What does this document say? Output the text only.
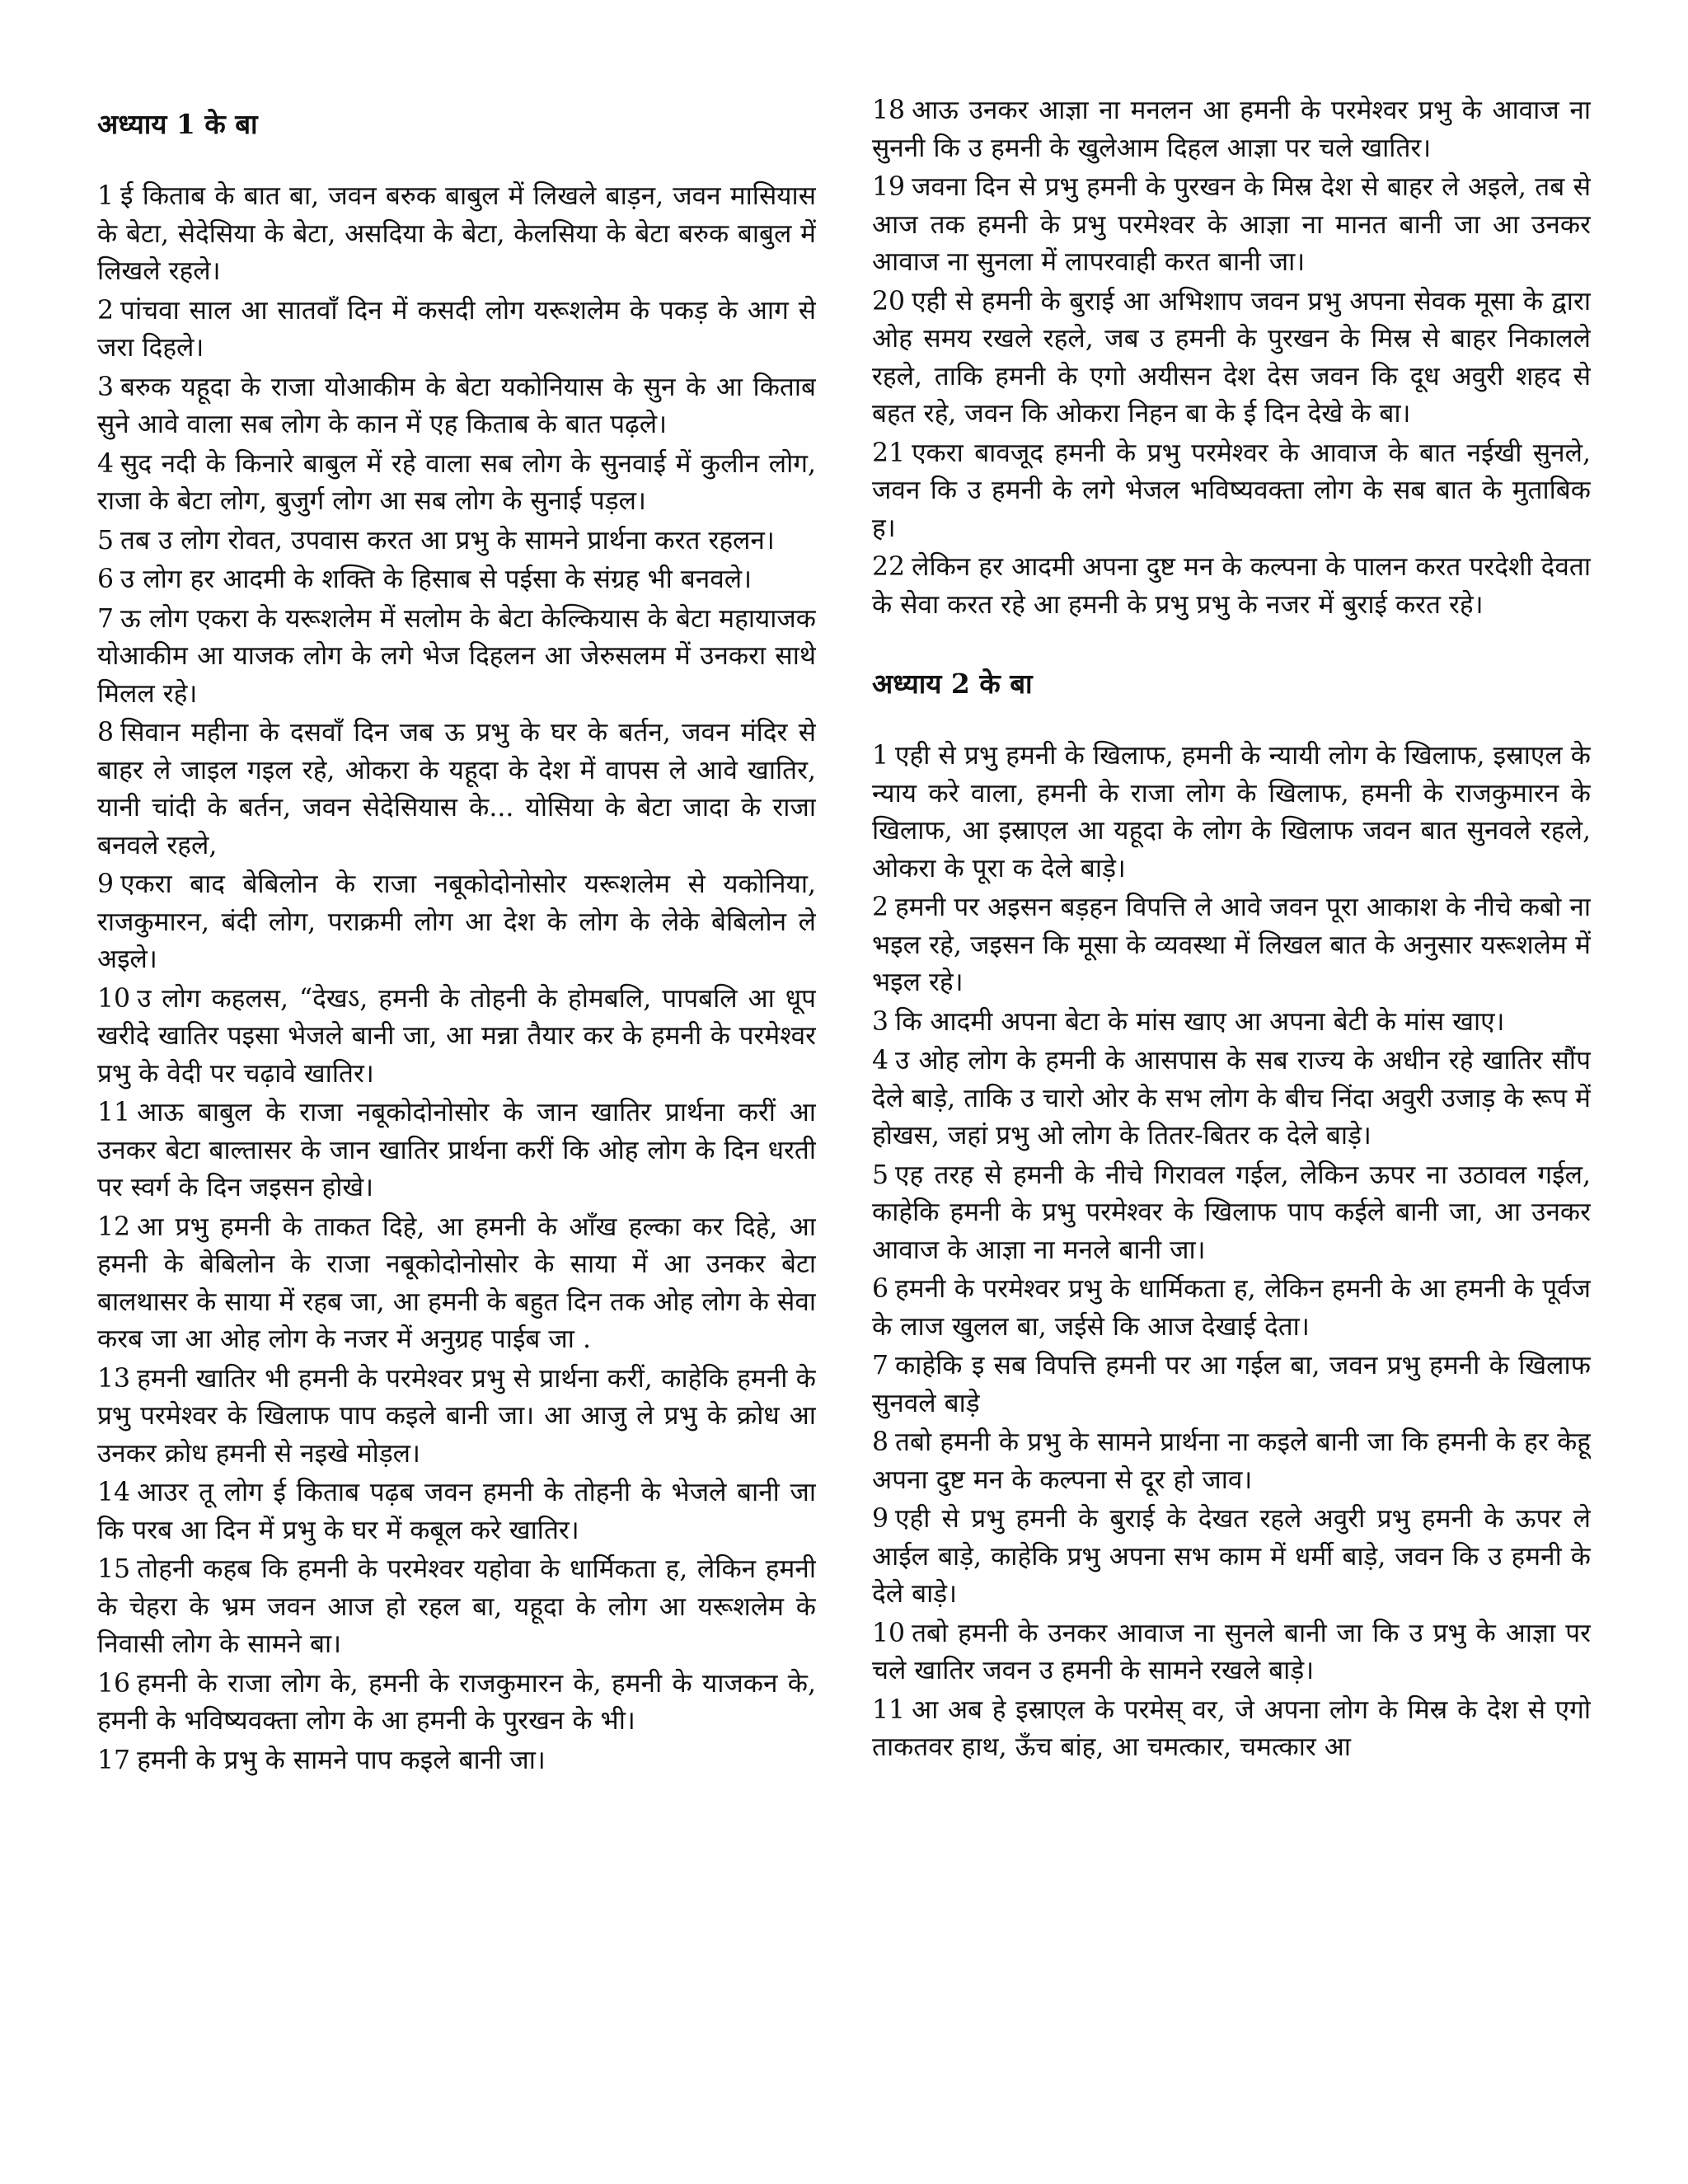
अध्याय 1 के बा

1 ई किताब के बात बा, जवन बरुक बाबुल में लिखले बाड़न, जवन मासियास के बेटा, सेदेसिया के बेटा, असदिया के बेटा, केलसिया के बेटा बरुक बाबुल में लिखले रहले।

2 पांचवा साल आ सातवाँ दिन में कसदी लोग यरूशलेम के पकड़ के आग से जरा दिहले।

3 बरुक यहूदा के राजा योआकीम के बेटा यकोनियास के सुन के आ किताब सुने आवे वाला सब लोग के कान में एह किताब के बात पढ़ले।

4 सुद नदी के किनारे बाबुल में रहे वाला सब लोग के सुनवाई में कुलीन लोग, राजा के बेटा लोग, बुजुर्ग लोग आ सब लोग के सुनाई पड़ल।

5 तब उ लोग रोवत, उपवास करत आ प्रभु के सामने प्रार्थना करत रहलन।

6 उ लोग हर आदमी के शक्ति के हिसाब से पईसा के संग्रह भी बनवले।

7 ऊ लोग एकरा के यरूशलेम में सलोम के बेटा केल्कियास के बेटा महायाजक योआकीम आ याजक लोग के लगे भेज दिहलन आ जेरुसलम में उनकरा साथे मिलल रहे।

8 सिवान महीना के दसवाँ दिन जब ऊ प्रभु के घर के बर्तन, जवन मंदिर से बाहर ले जाइल गइल रहे, ओकरा के यहूदा के देश में वापस ले आवे खातिर, यानी चांदी के बर्तन, जवन सेदेसियास के... योसिया के बेटा जादा के राजा बनवले रहले,

9 एकरा बाद बेबिलोन के राजा नबूकोदोनोसोर यरूशलेम से यकोनिया, राजकुमारन, बंदी लोग, पराक्रमी लोग आ देश के लोग के लेके बेबिलोन ले अइले।

10 उ लोग कहलस, “देखऽ, हमनी के तोहनी के होमबलि, पापबलि आ धूप खरीदे खातिर पइसा भेजले बानी जा, आ मन्ना तैयार कर के हमनी के परमेश्वर प्रभु के वेदी पर चढ़ावे खातिर।

11 आऊ बाबुल के राजा नबूकोदोनोसोर के जान खातिर प्रार्थना करीं आ उनकर बेटा बाल्तासर के जान खातिर प्रार्थना करीं कि ओह लोग के दिन धरती पर स्वर्ग के दिन जइसन होखे।

12 आ प्रभु हमनी के ताकत दिहे, आ हमनी के आँख हल्का कर दिहे, आ हमनी के बेबिलोन के राजा नबूकोदोनोसोर के साया में आ उनकर बेटा बालथासर के साया में रहब जा, आ हमनी के बहुत दिन तक ओह लोग के सेवा करब जा आ ओह लोग के नजर में अनुग्रह पाईब जा .

13 हमनी खातिर भी हमनी के परमेश्वर प्रभु से प्रार्थना करीं, काहेकि हमनी के प्रभु परमेश्वर के खिलाफ पाप कइले बानी जा। आ आजु ले प्रभु के क्रोध आ उनकर क्रोध हमनी से नइखे मोड़ल।

14 आउर तू लोग ई किताब पढ़ब जवन हमनी के तोहनी के भेजले बानी जा कि परब आ दिन में प्रभु के घर में कबूल करे खातिर।

15 तोहनी कहब कि हमनी के परमेश्वर यहोवा के धार्मिकता ह, लेकिन हमनी के चेहरा के भ्रम जवन आज हो रहल बा, यहूदा के लोग आ यरूशलेम के निवासी लोग के सामने बा।

16 हमनी के राजा लोग के, हमनी के राजकुमारन के, हमनी के याजकन के, हमनी के भविष्यवक्ता लोग के आ हमनी के पुरखन के भी।

17 हमनी के प्रभु के सामने पाप कइले बानी जा।

18 आऊ उनकर आज्ञा ना मनलन आ हमनी के परमेश्वर प्रभु के आवाज ना सुननी कि उ हमनी के खुलेआम दिहल आज्ञा पर चले खातिर।

19 जवना दिन से प्रभु हमनी के पुरखन के मिस्र देश से बाहर ले अइले, तब से आज तक हमनी के प्रभु परमेश्वर के आज्ञा ना मानत बानी जा आ उनकर आवाज ना सुनला में लापरवाही करत बानी जा।

20 एही से हमनी के बुराई आ अभिशाप जवन प्रभु अपना सेवक मूसा के द्वारा ओह समय रखले रहले, जब उ हमनी के पुरखन के मिस्र से बाहर निकालले रहले, ताकि हमनी के एगो अयीसन देश देस जवन कि दूध अवुरी शहद से बहत रहे, जवन कि ओकरा निहन बा के ई दिन देखे के बा।

21 एकरा बावजूद हमनी के प्रभु परमेश्वर के आवाज के बात नईखी सुनले, जवन कि उ हमनी के लगे भेजल भविष्यवक्ता लोग के सब बात के मुताबिक ह।

22 लेकिन हर आदमी अपना दुष्ट मन के कल्पना के पालन करत परदेशी देवता के सेवा करत रहे आ हमनी के प्रभु प्रभु के नजर में बुराई करत रहे।

अध्याय 2 के बा

1 एही से प्रभु हमनी के खिलाफ, हमनी के न्यायी लोग के खिलाफ, इस्राएल के न्याय करे वाला, हमनी के राजा लोग के खिलाफ, हमनी के राजकुमारन के खिलाफ, आ इस्राएल आ यहूदा के लोग के खिलाफ जवन बात सुनवले रहले, ओकरा के पूरा क देले बाड़े।

2 हमनी पर अइसन बड़हन विपत्ति ले आवे जवन पूरा आकाश के नीचे कबो ना भइल रहे, जइसन कि मूसा के व्यवस्था में लिखल बात के अनुसार यरूशलेम में भइल रहे।

3 कि आदमी अपना बेटा के मांस खाए आ अपना बेटी के मांस खाए।

4 उ ओह लोग के हमनी के आसपास के सब राज्य के अधीन रहे खातिर सौंप देले बाड़े, ताकि उ चारो ओर के सभ लोग के बीच निंदा अवुरी उजाड़ के रूप में होखस, जहां प्रभु ओ लोग के तितर-बितर क देले बाड़े।

5 एह तरह से हमनी के नीचे गिरावल गईल, लेकिन ऊपर ना उठावल गईल, काहेकि हमनी के प्रभु परमेश्वर के खिलाफ पाप कईले बानी जा, आ उनकर आवाज के आज्ञा ना मनले बानी जा।

6 हमनी के परमेश्वर प्रभु के धार्मिकता ह, लेकिन हमनी के आ हमनी के पूर्वज के लाज खुलल बा, जईसे कि आज देखाई देता।

7 काहेकि इ सब विपत्ति हमनी पर आ गईल बा, जवन प्रभु हमनी के खिलाफ सुनवले बाड़े

8 तबो हमनी के प्रभु के सामने प्रार्थना ना कइले बानी जा कि हमनी के हर केहू अपना दुष्ट मन के कल्पना से दूर हो जाव।

9 एही से प्रभु हमनी के बुराई के देखत रहले अवुरी प्रभु हमनी के ऊपर ले आईल बाड़े, काहेकि प्रभु अपना सभ काम में धर्मी बाड़े, जवन कि उ हमनी के देले बाड़े।

10 तबो हमनी के उनकर आवाज ना सुनले बानी जा कि उ प्रभु के आज्ञा पर चले खातिर जवन उ हमनी के सामने रखले बाड़े।

11 आ अब हे इस्राएल के परमेस् वर, जे अपना लोग के मिस्र के देश से एगो ताकतवर हाथ, ऊँच बांह, आ चमत्कार, चमत्कार आ
